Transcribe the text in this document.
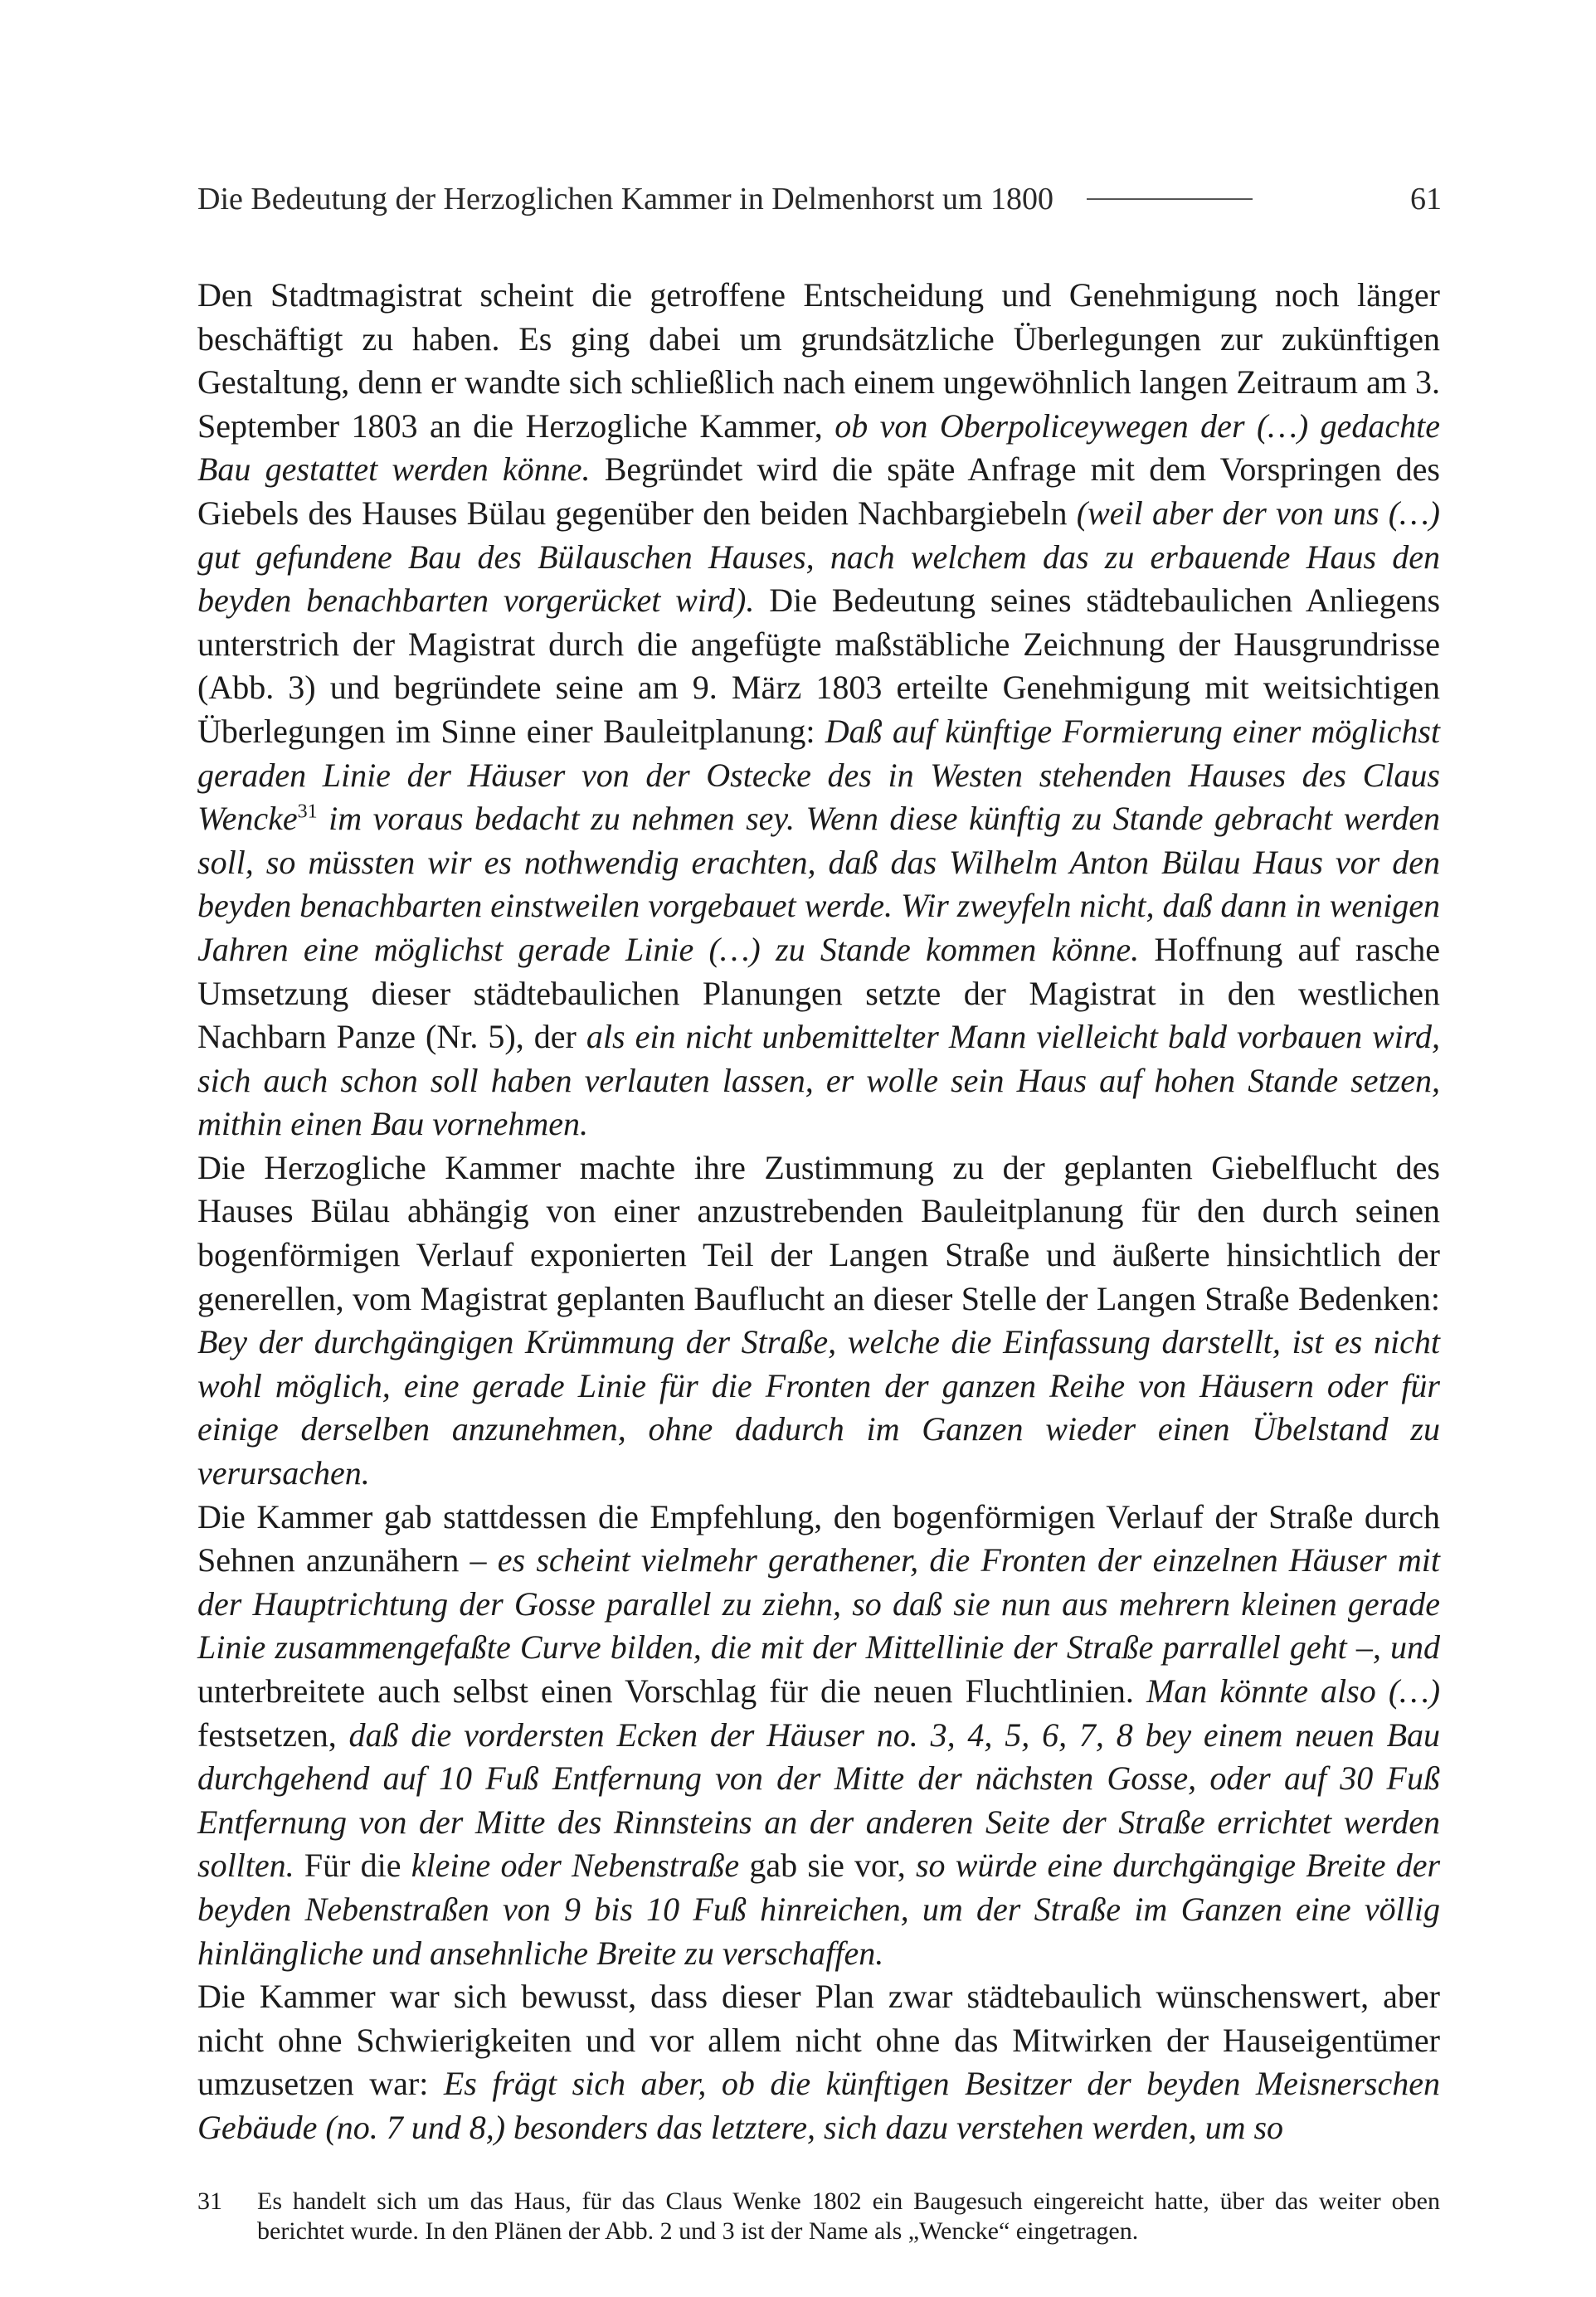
Die Bedeutung der Herzoglichen Kammer in Delmenhorst um 1800	61

Den Stadtmagistrat scheint die getroffene Entscheidung und Genehmigung noch länger beschäftigt zu haben. Es ging dabei um grundsätzliche Überlegungen zur zukünftigen Gestaltung, denn er wandte sich schließlich nach einem ungewöhnlich langen Zeitraum am 3. September 1803 an die Herzogliche Kammer, ob von Oberpoliceywegen der (…) gedachte Bau gestattet werden könne. Begründet wird die späte Anfrage mit dem Vorspringen des Giebels des Hauses Bülau gegenüber den beiden Nachbargiebeln (weil aber der von uns (…) gut gefundene Bau des Bülauschen Hauses, nach welchem das zu erbauende Haus den beyden benachbarten vorgerücket wird). Die Bedeutung seines städtebaulichen Anliegens unterstrich der Magistrat durch die angefügte maßstäbliche Zeichnung der Hausgrundrisse (Abb. 3) und begründete seine am 9. März 1803 erteilte Genehmigung mit weitsichtigen Überlegungen im Sinne einer Bauleitplanung: Daß auf künftige Formierung einer möglichst geraden Linie der Häuser von der Ostecke des in Westen stehenden Hauses des Claus Wencke$^{31}$ im voraus bedacht zu nehmen sey. Wenn diese künftig zu Stande gebracht werden soll, so müssten wir es nothwendig erachten, daß das Wilhelm Anton Bülau Haus vor den beyden benachbarten einstweilen vorgebauet werde. Wir zweyfeln nicht, daß dann in wenigen Jahren eine möglichst gerade Linie (…) zu Stande kommen könne. Hoffnung auf rasche Umsetzung dieser städtebaulichen Planungen setzte der Magistrat in den westlichen Nachbarn Panze (Nr. 5), der als ein nicht unbemittelter Mann vielleicht bald vorbauen wird, sich auch schon soll haben verlauten lassen, er wolle sein Haus auf hohen Stande setzen, mithin einen Bau vornehmen.

Die Herzogliche Kammer machte ihre Zustimmung zu der geplanten Giebelflucht des Hauses Bülau abhängig von einer anzustrebenden Bauleitplanung für den durch seinen bogenförmigen Verlauf exponierten Teil der Langen Straße und äußerte hinsichtlich der generellen, vom Magistrat geplanten Bauflucht an dieser Stelle der Langen Straße Bedenken: Bey der durchgängigen Krümmung der Straße, welche die Einfassung darstellt, ist es nicht wohl möglich, eine gerade Linie für die Fronten der ganzen Reihe von Häusern oder für einige derselben anzunehmen, ohne dadurch im Ganzen wieder einen Übelstand zu verursachen.

Die Kammer gab stattdessen die Empfehlung, den bogenförmigen Verlauf der Straße durch Sehnen anzunähern – es scheint vielmehr gerathener, die Fronten der einzelnen Häuser mit der Hauptrichtung der Gosse parallel zu ziehn, so daß sie nun aus mehrern kleinen gerade Linie zusammengefaßte Curve bilden, die mit der Mittellinie der Straße parrallel geht –, und unterbreitete auch selbst einen Vorschlag für die neuen Fluchtlinien. Man könnte also (…) festsetzen, daß die vordersten Ecken der Häuser no. 3, 4, 5, 6, 7, 8 bey einem neuen Bau durchgehend auf 10 Fuß Entfernung von der Mitte der nächsten Gosse, oder auf 30 Fuß Entfernung von der Mitte des Rinnsteins an der anderen Seite der Straße errichtet werden sollten. Für die kleine oder Nebenstraße gab sie vor, so würde eine durchgängige Breite der beyden Nebenstraßen von 9 bis 10 Fuß hinreichen, um der Straße im Ganzen eine völlig hinlängliche und ansehnliche Breite zu verschaffen.

Die Kammer war sich bewusst, dass dieser Plan zwar städtebaulich wünschenswert, aber nicht ohne Schwierigkeiten und vor allem nicht ohne das Mitwirken der Hauseigentümer umzusetzen war: Es frägt sich aber, ob die künftigen Besitzer der beyden Meisnerschen Gebäude (no. 7 und 8,) besonders das letztere, sich dazu verstehen werden, um so

31	Es handelt sich um das Haus, für das Claus Wenke 1802 ein Baugesuch eingereicht hatte, über das weiter oben berichtet wurde. In den Plänen der Abb. 2 und 3 ist der Name als „Wencke“ eingetragen.
